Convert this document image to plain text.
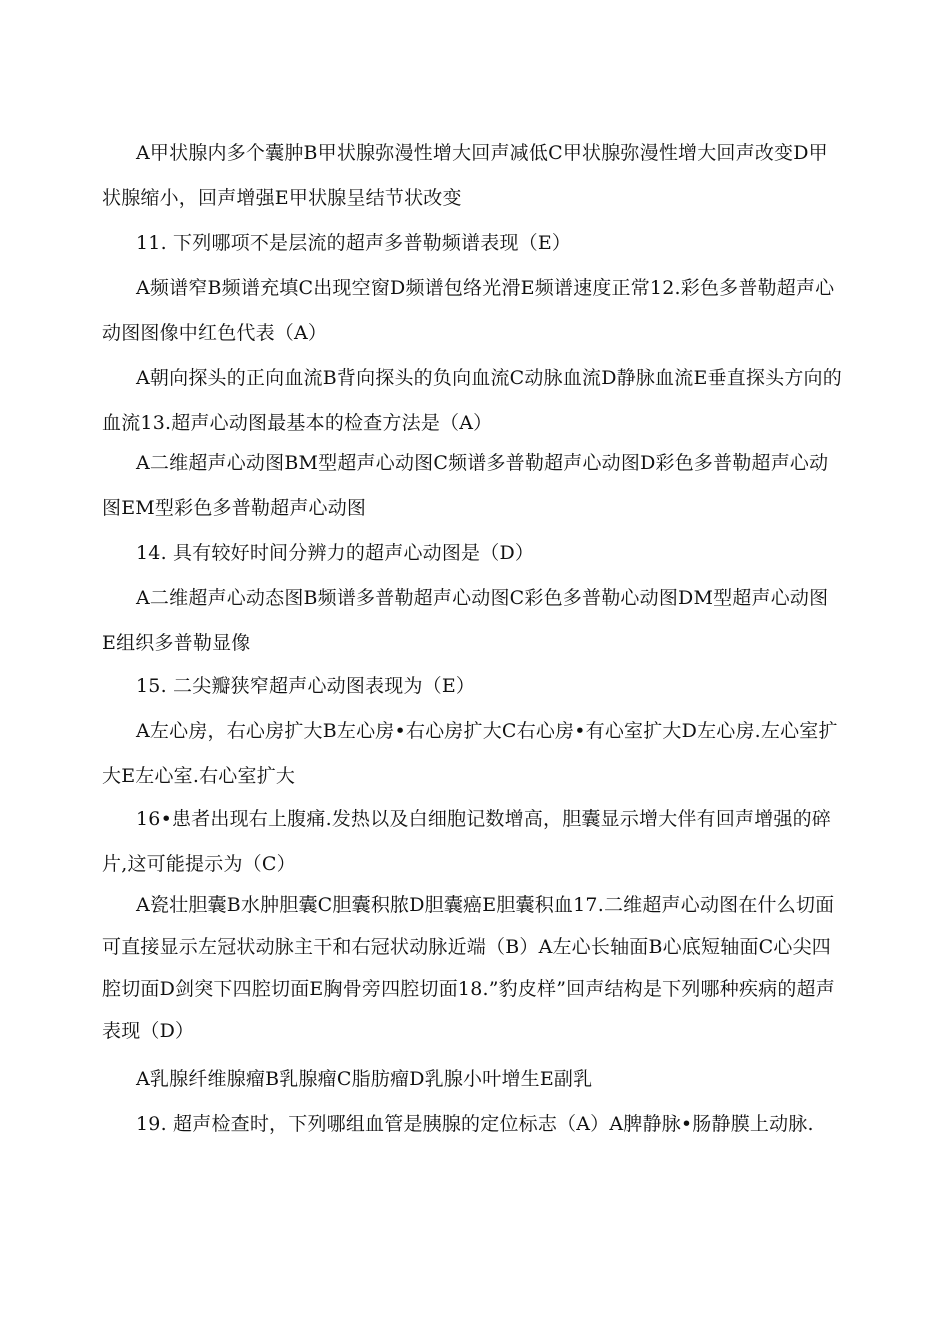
A甲状腺内多个囊肿B甲状腺弥漫性增大回声减低C甲状腺弥漫性增大回声改变D甲状腺缩小，回声增强E甲状腺呈结节状改变
11. 下列哪项不是层流的超声多普勒频谱表现（E）
A频谱窄B频谱充填C出现空窗D频谱包络光滑E频谱速度正常12.彩色多普勒超声心动图图像中红色代表（A）
A朝向探头的正向血流B背向探头的负向血流C动脉血流D静脉血流E垂直探头方向的血流13.超声心动图最基本的检查方法是（A）
A二维超声心动图BM型超声心动图C频谱多普勒超声心动图D彩色多普勒超声心动图EM型彩色多普勒超声心动图
14. 具有较好时间分辨力的超声心动图是（D）
A二维超声心动态图B频谱多普勒超声心动图C彩色多普勒心动图DM型超声心动图E组织多普勒显像
15. 二尖瓣狭窄超声心动图表现为（E）
A左心房，右心房扩大B左心房•右心房扩大C右心房•有心室扩大D左心房.左心室扩大E左心室.右心室扩大
16•患者出现右上腹痛.发热以及白细胞记数增高，胆囊显示增大伴有回声增强的碎片,这可能提示为（C）
A瓷壮胆囊B水肿胆囊C胆囊积脓D胆囊癌E胆囊积血17.二维超声心动图在什么切面可直接显示左冠状动脉主干和右冠状动脉近端（B）A左心长轴面B心底短轴面C心尖四腔切面D剑突下四腔切面E胸骨旁四腔切面18.”豹皮样”回声结构是下列哪种疾病的超声表现（D）
A乳腺纤维腺瘤B乳腺瘤C脂肪瘤D乳腺小叶增生E副乳
19. 超声检查时，下列哪组血管是胰腺的定位标志（A）A脾静脉•肠静膜上动脉.
